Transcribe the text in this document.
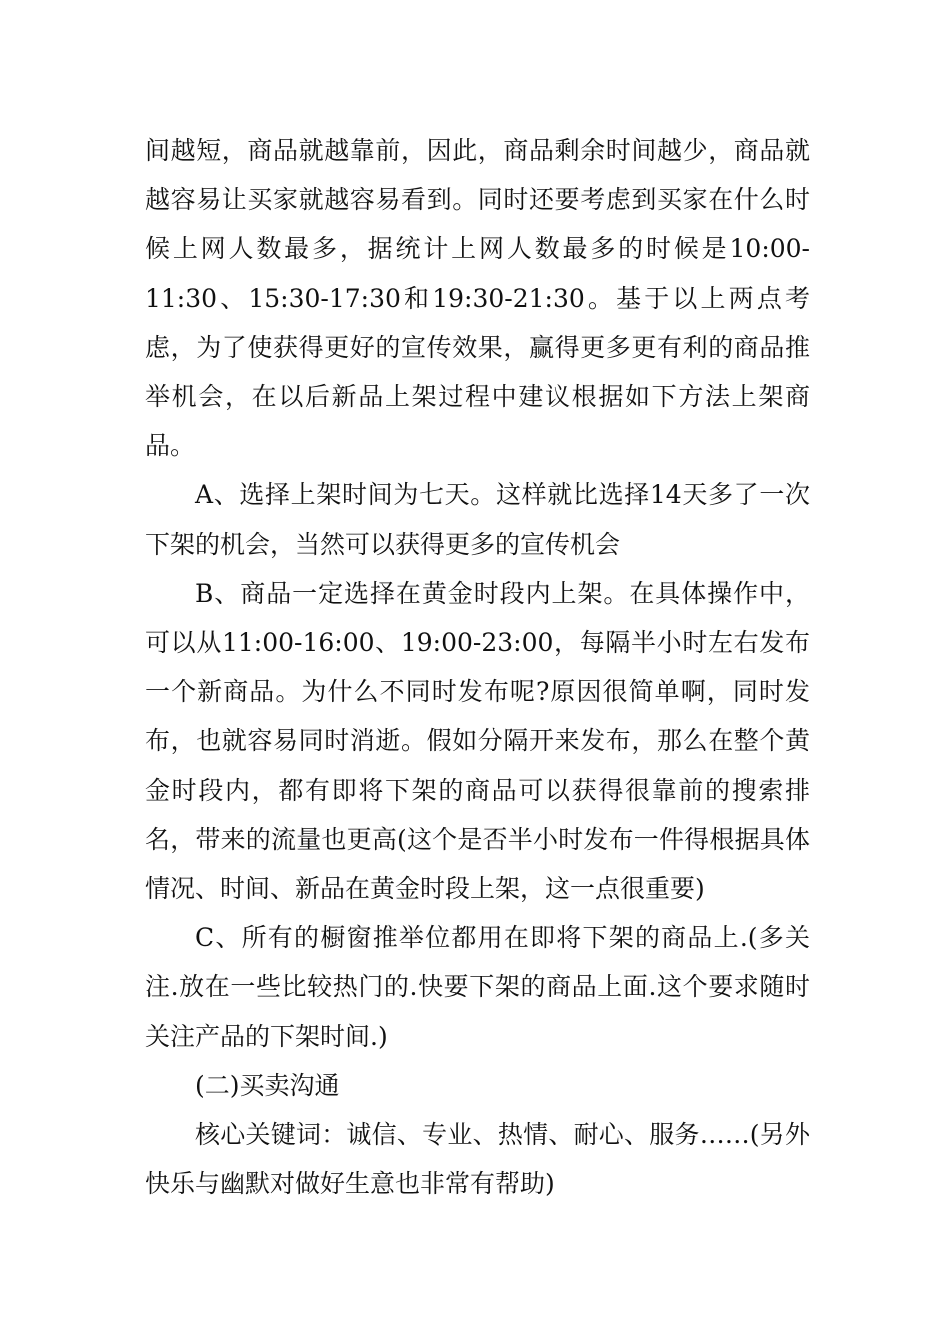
间越短，商品就越靠前，因此，商品剩余时间越少，商品就越容易让买家就越容易看到。同时还要考虑到买家在什么时候上网人数最多，据统计上网人数最多的时候是10:00-11:30、15:30-17:30和19:30-21:30。基于以上两点考虑，为了使获得更好的宣传效果，赢得更多更有利的商品推举机会，在以后新品上架过程中建议根据如下方法上架商品。

A、选择上架时间为七天。这样就比选择14天多了一次下架的机会，当然可以获得更多的宣传机会

B、商品一定选择在黄金时段内上架。在具体操作中，可以从11:00-16:00、19:00-23:00，每隔半小时左右发布一个新商品。为什么不同时发布呢?原因很简单啊，同时发布，也就容易同时消逝。假如分隔开来发布，那么在整个黄金时段内，都有即将下架的商品可以获得很靠前的搜索排名，带来的流量也更高(这个是否半小时发布一件得根据具体情况、时间、新品在黄金时段上架，这一点很重要)

C、所有的橱窗推举位都用在即将下架的商品上.(多关注.放在一些比较热门的.快要下架的商品上面.这个要求随时关注产品的下架时间.)

(二)买卖沟通

核心关键词：诚信、专业、热情、耐心、服务……(另外快乐与幽默对做好生意也非常有帮助)
